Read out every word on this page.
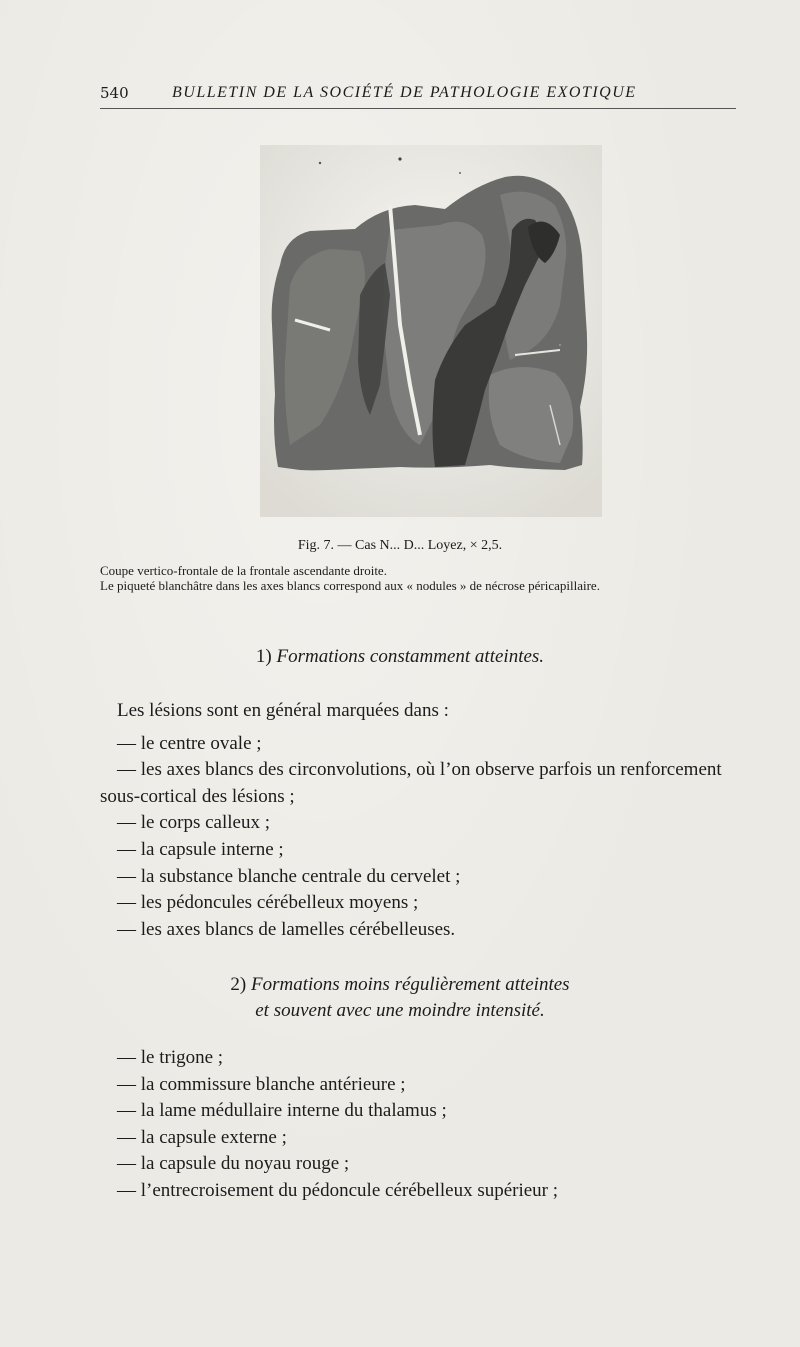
540	BULLETIN DE LA SOCIÉTÉ DE PATHOLOGIE EXOTIQUE
Fig. 7. — Cas N... D... Loyez, × 2,5.

Coupe vertico-frontale de la frontale ascendante droite.

Le piqueté blanchâtre dans les axes blancs correspond aux « nodules » de nécrose péricapillaire.

1) Formations constamment atteintes.

Les lésions sont en général marquées dans :

— le centre ovale ;

— les axes blancs des circonvolutions, où l’on observe parfois un renforcement sous-cortical des lésions ;

— le corps calleux ;

— la capsule interne ;

— la substance blanche centrale du cervelet ;

— les pédoncules cérébelleux moyens ;

— les axes blancs de lamelles cérébelleuses.

2) Formations moins régulièrement atteintes
et souvent avec une moindre intensité.

— le trigone ;

— la commissure blanche antérieure ;

— la lame médullaire interne du thalamus ;

— la capsule externe ;

— la capsule du noyau rouge ;

— l’entrecroisement du pédoncule cérébelleux supérieur ;
